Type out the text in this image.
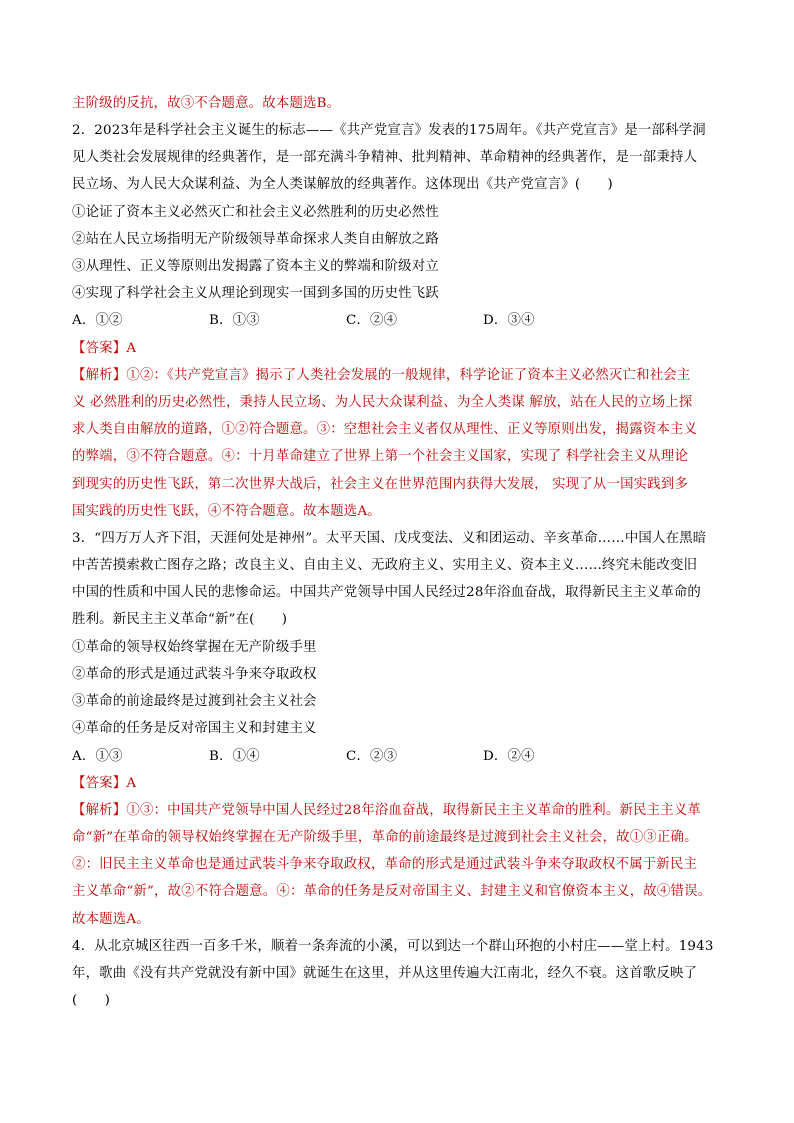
主阶级的反抗，故③不合题意。故本题选B。
2．2023年是科学社会主义诞生的标志——《共产党宣言》发表的175周年。《共产党宣言》是一部科学洞
见人类社会发展规律的经典著作，是一部充满斗争精神、批判精神、革命精神的经典著作，是一部秉持人
民立场、为人民大众谋利益、为全人类谋解放的经典著作。这体现出《共产党宣言》(　　)
①论证了资本主义必然灭亡和社会主义必然胜利的历史必然性
②站在人民立场指明无产阶级领导革命探求人类自由解放之路
③从理性、正义等原则出发揭露了资本主义的弊端和阶级对立
④实现了科学社会主义从理论到现实一国到多国的历史性飞跃
【答案】A
【解析】①②：《共产党宣言》揭示了人类社会发展的一般规律，科学论证了资本主义必然灭亡和社会主
义 必然胜利的历史必然性，秉持人民立场、为人民大众谋利益、为全人类谋 解放，站在人民的立场上探
求人类自由解放的道路，①②符合题意。③：空想社会主义者仅从理性、正义等原则出发，揭露资本主义
的弊端，③不符合题意。④：十月革命建立了世界上第一个社会主义国家，实现了 科学社会主义从理论
到现实的历史性飞跃，第二次世界大战后，社会主义在世界范围内获得大发展， 实现了从一国实践到多
国实践的历史性飞跃，④不符合题意。故本题选A。
3．“四万万人齐下泪，天涯何处是神州”。太平天国、戊戌变法、义和团运动、辛亥革命……中国人在黑暗
中苦苦摸索救亡图存之路；改良主义、自由主义、无政府主义、实用主义、资本主义……终究未能改变旧
中国的性质和中国人民的悲惨命运。中国共产党领导中国人民经过28年浴血奋战，取得新民主主义革命的
胜利。新民主主义革命“新”在(　　)
①革命的领导权始终掌握在无产阶级手里
②革命的形式是通过武装斗争来夺取政权
③革命的前途最终是过渡到社会主义社会
④革命的任务是反对帝国主义和封建主义
【答案】A
【解析】①③：中国共产党领导中国人民经过28年浴血奋战，取得新民主主义革命的胜利。新民主主义革
命“新”在革命的领导权始终掌握在无产阶级手里，革命的前途最终是过渡到社会主义社会，故①③正确。
②：旧民主主义革命也是通过武装斗争来夺取政权，革命的形式是通过武装斗争来夺取政权不属于新民主
主义革命“新”，故②不符合题意。④：革命的任务是反对帝国主义、封建主义和官僚资本主义，故④错误。
故本题选A。
4．从北京城区往西一百多千米，顺着一条奔流的小溪，可以到达一个群山环抱的小村庄——堂上村。1943
年，歌曲《没有共产党就没有新中国》就诞生在这里，并从这里传遍大江南北，经久不衰。这首歌反映了
(　　)
A．①②	B．①③	C．②④	D．③④
A．①③	B．①④	C．②③	D．②④
